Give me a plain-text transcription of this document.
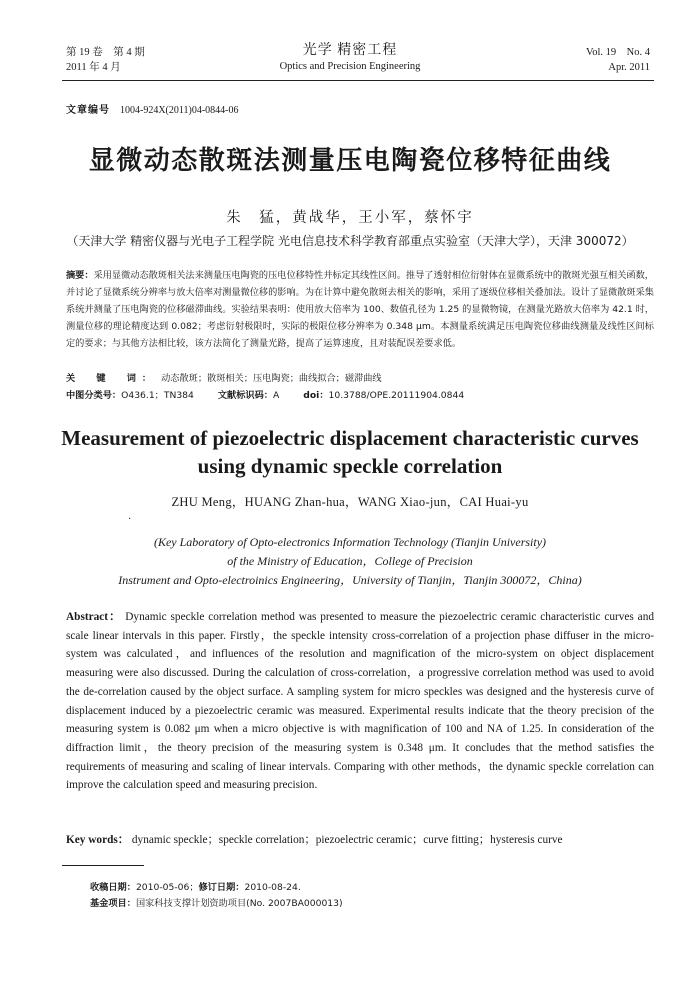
第 19 卷　第 4 期
2011 年 4 月
光学 精密工程
Optics and Precision Engineering
Vol. 19　No. 4
Apr. 2011
文章编号 1004-924X(2011)04-0844-06
显微动态散斑法测量压电陶瓷位移特征曲线
朱　猛，黄战华，王小军，蔡怀宇
（天津大学 精密仪器与光电子工程学院 光电信息技术科学教育部重点实验室（天津大学），天津 300072）
摘要：采用显微动态散斑相关法来测量压电陶瓷的压电位移特性并标定其线性区间。推导了透射相位衍射体在显微系统中的散斑光强互相关函数，并讨论了显微系统分辨率与放大倍率对测量微位移的影响。为在计算中避免散斑去相关的影响，采用了逐级位移相关叠加法。设计了显微散斑采集系统并测量了压电陶瓷的位移磁滞曲线。实验结果表明：使用放大倍率为 100、数值孔径为 1.25 的显微物镜，在测量光路放大倍率为 42.1 时，测量位移的理论精度达到 0.082；考虑衍射极限时，实际的极限位移分辨率为 0.348 μm。本测量系统满足压电陶瓷位移曲线测量及线性区间标定的要求；与其他方法相比较，该方法简化了测量光路，提高了运算速度，且对装配误差要求低。
关　键　词： 动态散斑；散斑相关；压电陶瓷；曲线拟合；磁滞曲线
中图分类号：O436.1；TN384	文献标识码：A	doi：10.3788/OPE.20111904.0844
Measurement of piezoelectric displacement characteristic curves
using dynamic speckle correlation
ZHU Meng，HUANG Zhan-hua，WANG Xiao-jun，CAI Huai-yu
·
(Key Laboratory of Opto-electronics Information Technology (Tianjin University)
of the Ministry of Education，College of Precision
Instrument and Opto-electroinics Engineering，University of Tianjin，Tianjin 300072，China)
Abstract： Dynamic speckle correlation method was presented to measure the piezoelectric ceramic characteristic curves and scale linear intervals in this paper. Firstly，the speckle intensity cross-correlation of a projection phase diffuser in the micro-system was calculated，and influences of the resolution and magnification of the micro-system on object displacement measuring were also discussed. During the calculation of cross-correlation，a progressive correlation method was used to avoid the de-correlation caused by the object surface. A sampling system for micro speckles was designed and the hysteresis curve of displacement induced by a piezoelectric ceramic was measured. Experimental results indicate that the theory precision of the measuring system is 0.082 μm when a micro objective is with magnification of 100 and NA of 1.25. In consideration of the diffraction limit，the theory precision of the measuring system is 0.348 μm. It concludes that the method satisfies the requirements of measuring and scaling of linear intervals. Comparing with other methods，the dynamic speckle correlation can improve the calculation speed and measuring precision.
Key words： dynamic speckle；speckle correlation；piezoelectric ceramic；curve fitting；hysteresis curve
收稿日期：2010-05-06；修订日期：2010-08-24.
基金项目：国家科技支撑计划资助项目(No. 2007BA000013)
